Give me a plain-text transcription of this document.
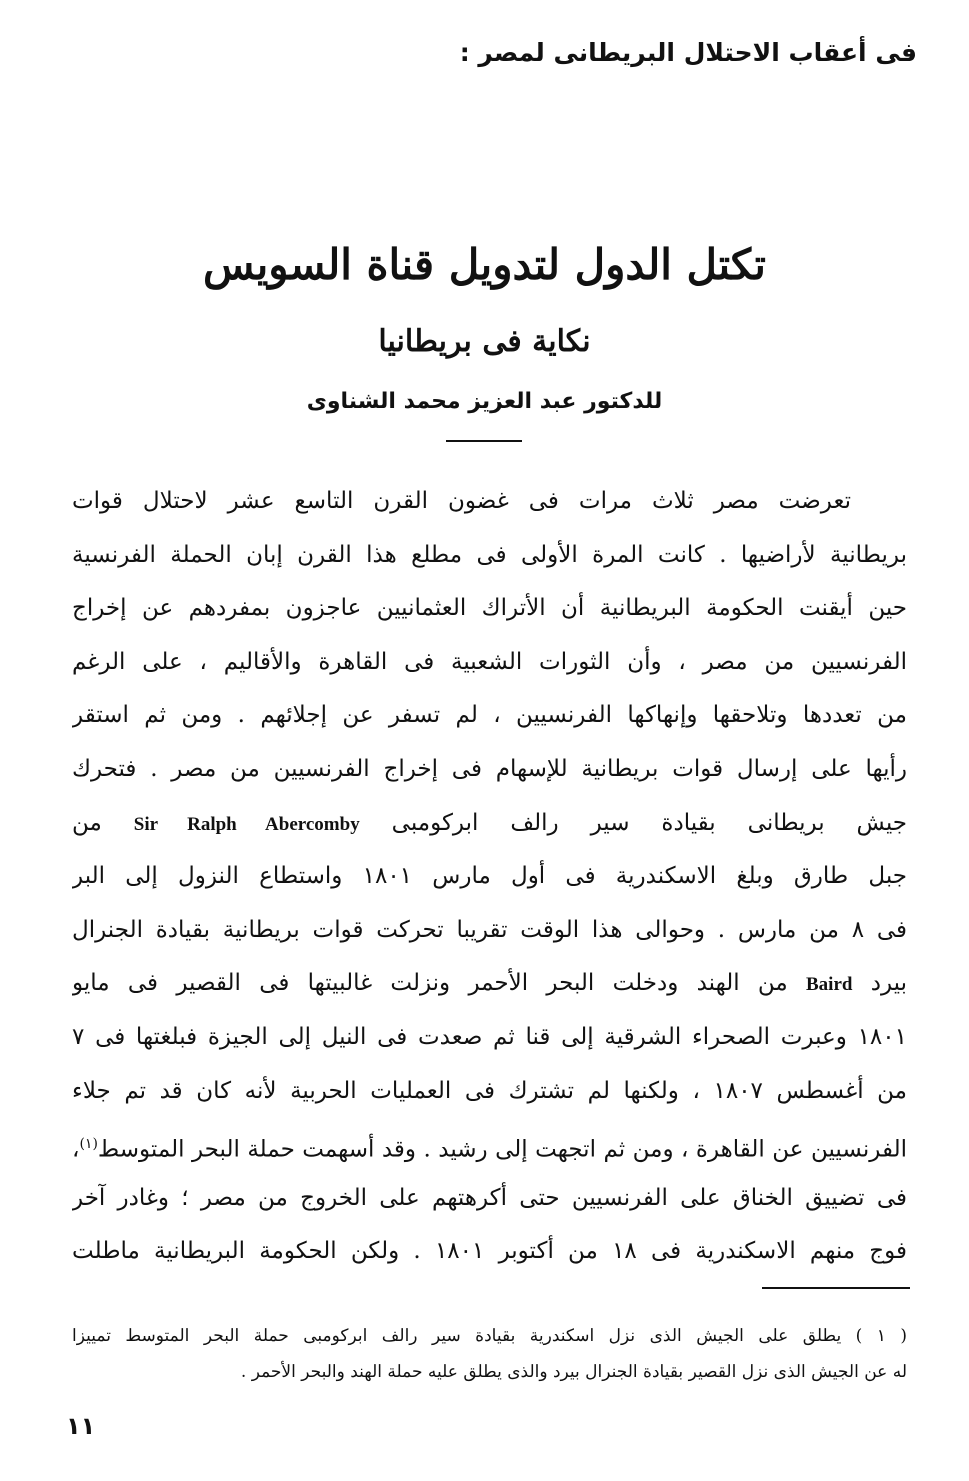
فى أعقاب الاحتلال البريطانى لمصر :
تكتل الدول لتدويل قناة السويس
نكاية فى بريطانيا
للدكتور عبد العزيز محمد الشناوى
تعرضت مصر ثلاث مرات فى غضون القرن التاسع عشر لاحتلال قوات
بريطانية لأراضيها . كانت المرة الأولى فى مطلع هذا القرن إبان الحملة الفرنسية
حين أيقنت الحكومة البريطانية أن الأتراك العثمانيين عاجزون بمفردهم عن إخراج
الفرنسيين من مصر ، وأن الثورات الشعبية فى القاهرة والأقاليم ، على الرغم
من تعددها وتلاحقها وإنهاكها الفرنسيين ، لم تسفر عن إجلائهم . ومن ثم استقر
رأيها على إرسال قوات بريطانية للإسهام فى إخراج الفرنسيين من مصر . فتحرك
جيش بريطانى بقيادة سير رالف ابركومبى Sir Ralph Abercomby من
جبل طارق وبلغ الاسكندرية فى أول مارس ١٨٠١ واستطاع النزول إلى البر
فى ٨ من مارس . وحوالى هذا الوقت تقريبا تحركت قوات بريطانية بقيادة الجنرال
بيرد Baird من الهند ودخلت البحر الأحمر ونزلت غالبيتها فى القصير فى مايو
١٨٠١ وعبرت الصحراء الشرقية إلى قنا ثم صعدت فى النيل إلى الجيزة فبلغتها فى ٧
من أغسطس ١٨٠٧ ، ولكنها لم تشترك فى العمليات الحربية لأنه كان قد تم جلاء
الفرنسيين عن القاهرة ، ومن ثم اتجهت إلى رشيد . وقد أسهمت حملة البحر المتوسط$^{(١)}$،
فى تضييق الخناق على الفرنسيين حتى أكرهتهم على الخروج من مصر ؛ وغادر آخر
فوج منهم الاسكندرية فى ١٨ من أكتوبر ١٨٠١ . ولكن الحكومة البريطانية ماطلت
( ١ ) يطلق على الجيش الذى نزل اسكندرية بقيادة سير رالف ابركومبى حملة البحر المتوسط تمييزا
له عن الجيش الذى نزل القصير بقيادة الجنرال بيرد والذى يطلق عليه حملة الهند والبحر الأحمر .
١١
